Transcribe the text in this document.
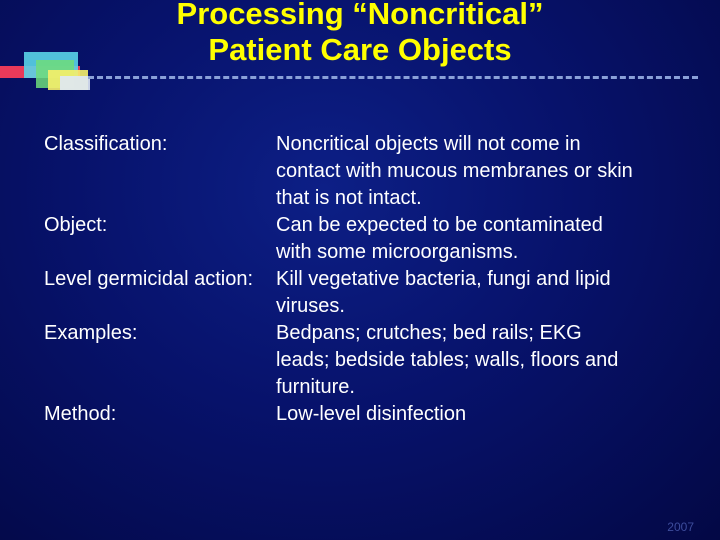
Processing “Noncritical”
Patient Care Objects
Classification:	Noncritical objects will not come in
contact with mucous membranes or skin
that is not intact.
Object:	Can be expected to be contaminated
with some microorganisms.
Level germicidal action:	Kill vegetative bacteria, fungi and lipid
viruses.
Examples:	Bedpans; crutches; bed rails; EKG
leads; bedside tables; walls, floors and
furniture.
Method:	Low-level disinfection
2007
